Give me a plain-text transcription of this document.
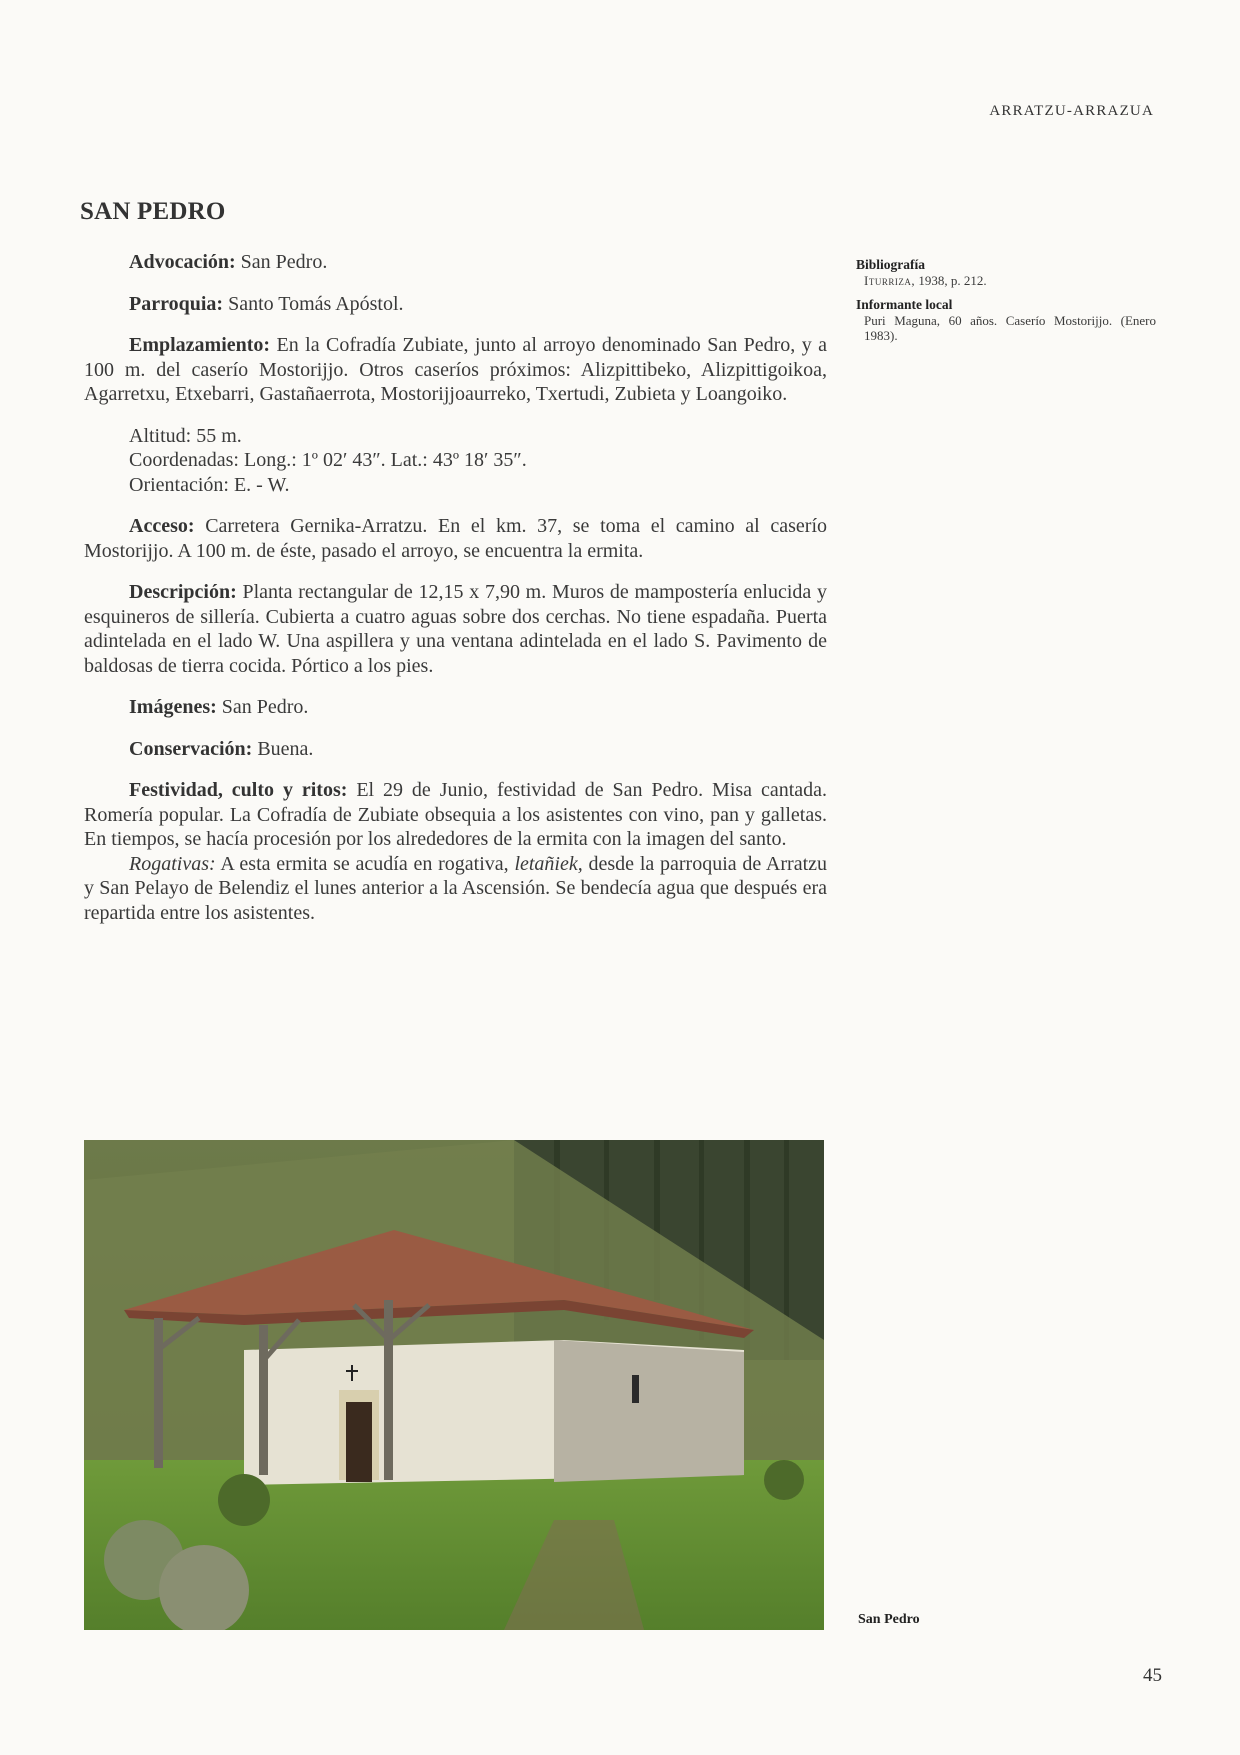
ARRATZU-ARRAZUA
SAN PEDRO

Advocación: San Pedro.

Parroquia: Santo Tomás Apóstol.

Emplazamiento: En la Cofradía Zubiate, junto al arroyo denominado San Pedro, y a 100 m. del caserío Mostorijjo. Otros caseríos próximos: Alizpittibeko, Alizpittigoikoa, Agarretxu, Etxebarri, Gastañaerrota, Mostorijjoaurreko, Txertudi, Zubieta y Loangoiko.

Altitud: 55 m.
Coordenadas: Long.: 1º 02′ 43″. Lat.: 43º 18′ 35″.
Orientación: E. - W.

Acceso: Carretera Gernika-Arratzu. En el km. 37, se toma el camino al caserío Mostorijjo. A 100 m. de éste, pasado el arroyo, se encuentra la ermita.

Descripción: Planta rectangular de 12,15 x 7,90 m. Muros de mampostería enlucida y esquineros de sillería. Cubierta a cuatro aguas sobre dos cerchas. No tiene espadaña. Puerta adintelada en el lado W. Una aspillera y una ventana adintelada en el lado S. Pavimento de baldosas de tierra cocida. Pórtico a los pies.

Imágenes: San Pedro.

Conservación: Buena.

Festividad, culto y ritos: El 29 de Junio, festividad de San Pedro. Misa cantada. Romería popular. La Cofradía de Zubiate obsequia a los asistentes con vino, pan y galletas. En tiempos, se hacía procesión por los alrededores de la ermita con la imagen del santo.

Rogativas: A esta ermita se acudía en rogativa, letañiek, desde la parroquia de Arratzu y San Pelayo de Belendiz el lunes anterior a la Ascensión. Se bendecía agua que después era repartida entre los asistentes.

Bibliografía
Iturriza, 1938, p. 212.
Informante local
Puri Maguna, 60 años. Caserío Mostorijjo. (Enero 1983).
San Pedro
45
